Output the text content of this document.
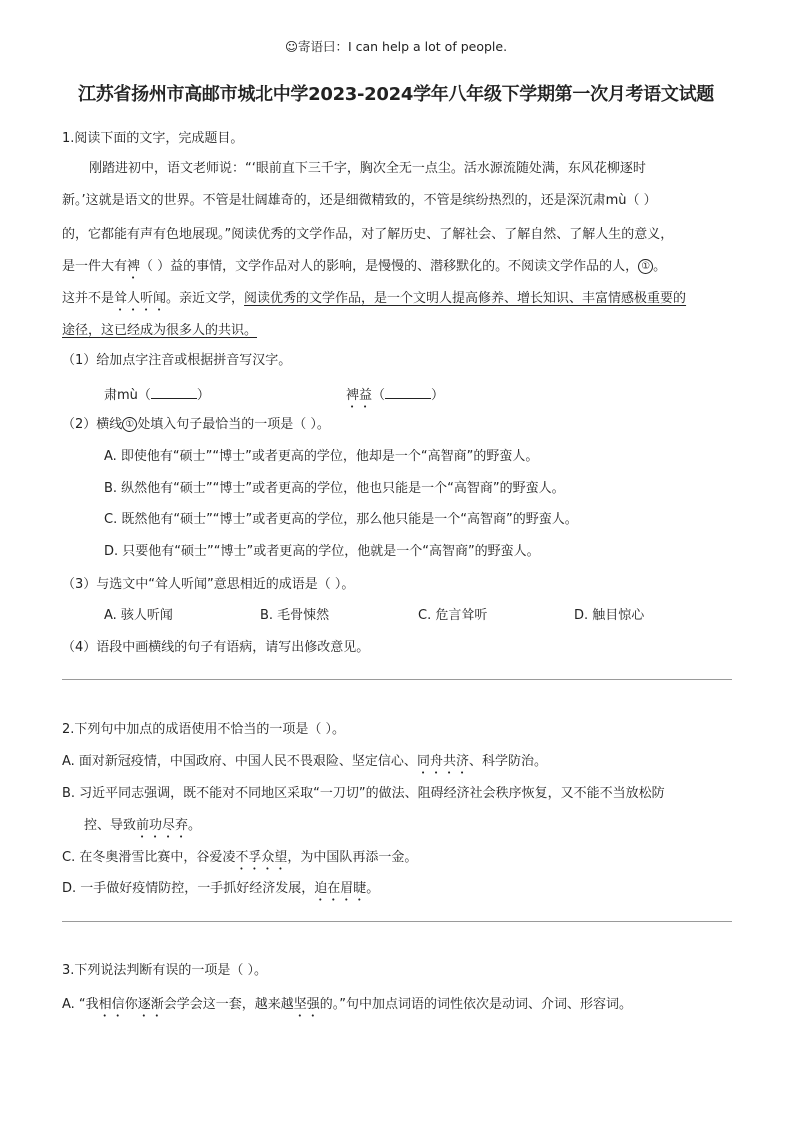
☺寄语曰：I can help a lot of people.
江苏省扬州市高邮市城北中学2023-2024学年八年级下学期第一次月考语文试题
1.阅读下面的文字，完成题目。
刚踏进初中，语文老师说：“‘眼前直下三千字，胸次全无一点尘。活水源流随处满，东风花柳逐时
新。’这就是语文的世界。不管是壮阔雄奇的，还是细微精致的，不管是缤纷热烈的，还是深沉肃mù（ ）
的，它都能有声有色地展现。”阅读优秀的文学作品，对了解历史、了解社会、了解自然、了解人生的意义，
是一件大有裨（ ）益的事情，文学作品对人的影响，是慢慢的、潜移默化的。不阅读文学作品的人， ① 。
这并不是耸人听闻。亲近文学，阅读优秀的文学作品，是一个文明人提高修养、增长知识、丰富情感极重要的
途径，这已经成为很多人的共识。
（1）给加点字注音或根据拼音写汉字。
肃mù（	）	裨益（	）
（2）横线 ① 处填入句子最恰当的一项是（ ）。
A. 即使他有“硕士”“博士”或者更高的学位，他却是一个“高智商”的野蛮人。
B. 纵然他有“硕士”“博士”或者更高的学位，他也只能是一个“高智商”的野蛮人。
C. 既然他有“硕士”“博士”或者更高的学位，那么他只能是一个“高智商”的野蛮人。
D. 只要他有“硕士”“博士”或者更高的学位，他就是一个“高智商”的野蛮人。
（3）与选文中“耸人听闻”意思相近的成语是（ ）。
A. 骇人听闻	B. 毛骨悚然	C. 危言耸听	D. 触目惊心
（4）语段中画横线的句子有语病，请写出修改意见。
2.下列句中加点的成语使用不恰当的一项是（ ）。
A. 面对新冠疫情，中国政府、中国人民不畏艰险、坚定信心、同舟共济、科学防治。
B. 习近平同志强调，既不能对不同地区采取“一刀切”的做法、阻碍经济社会秩序恢复，又不能不当放松防
控、导致前功尽弃。
C. 在冬奥滑雪比赛中，谷爱凌不孚众望，为中国队再添一金。
D. 一手做好疫情防控，一手抓好经济发展，迫在眉睫。
3.下列说法判断有误的一项是（ ）。
A. “我相信你逐渐会学会这一套，越来越坚强的。”句中加点词语的词性依次是动词、介词、形容词。
